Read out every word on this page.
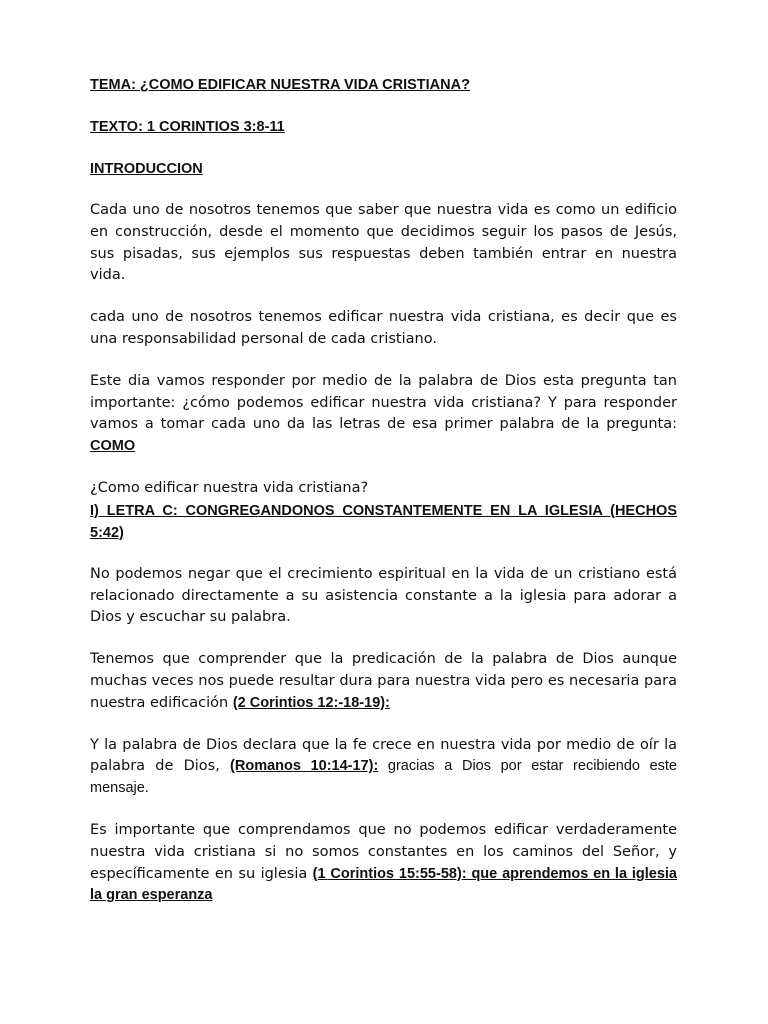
TEMA: ¿COMO EDIFICAR NUESTRA VIDA CRISTIANA?

TEXTO: 1 CORINTIOS 3:8-11

INTRODUCCION

Cada uno de nosotros tenemos que saber que nuestra vida es como un edificio en construcción, desde el momento que decidimos seguir los pasos de Jesús, sus pisadas, sus ejemplos sus respuestas deben también entrar en nuestra vida.

cada uno de nosotros tenemos edificar nuestra vida cristiana, es decir que es una responsabilidad personal de cada cristiano.

Este dia vamos responder por medio de la palabra de Dios esta pregunta tan importante: ¿cómo podemos edificar nuestra vida cristiana? Y para responder vamos a tomar cada uno da las letras de esa primer palabra de la pregunta: COMO

¿Como edificar nuestra vida cristiana?

I) LETRA C: CONGREGANDONOS CONSTANTEMENTE EN LA IGLESIA (HECHOS 5:42)

No podemos negar que el crecimiento espiritual en la vida de un cristiano está relacionado directamente a su asistencia constante a la iglesia para adorar a Dios y escuchar su palabra.

Tenemos que comprender que la predicación de la palabra de Dios aunque muchas veces nos puede resultar dura para nuestra vida pero es necesaria para nuestra edificación (2 Corintios 12:-18-19):

Y la palabra de Dios declara que la fe crece en nuestra vida por medio de oír la palabra de Dios, (Romanos 10:14-17): gracias a Dios por estar recibiendo este mensaje.

Es importante que comprendamos que no podemos edificar verdaderamente nuestra vida cristiana si no somos constantes en los caminos del Señor, y específicamente en su iglesia (1 Corintios 15:55-58): que aprendemos en la iglesia la gran esperanza
